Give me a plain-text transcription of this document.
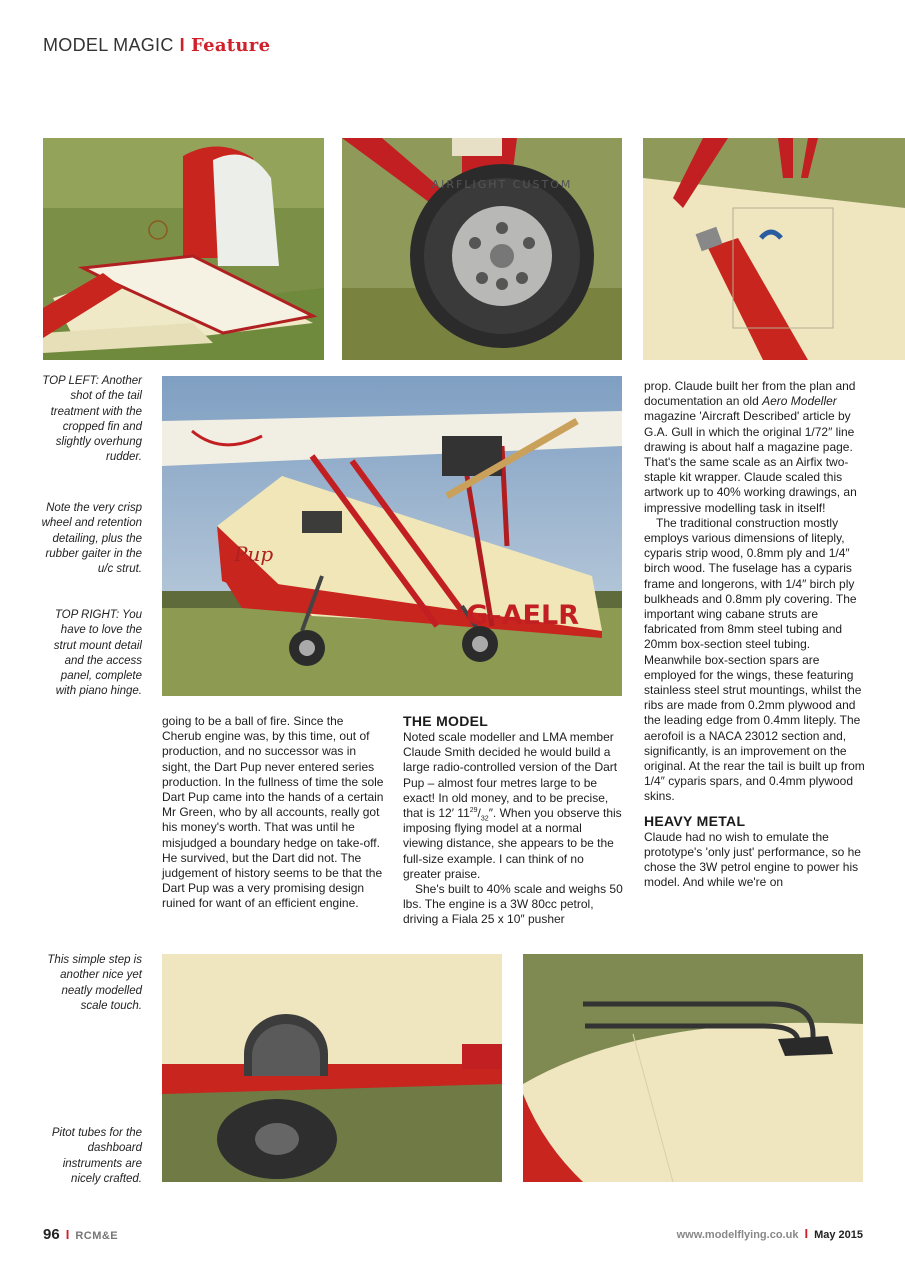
MODEL MAGIC I Feature
AIRFLIGHT CUSTOM
Pup
G–AELR
TOP LEFT: Another shot of the tail treatment with the cropped fin and slightly overhung rudder.
Note the very crisp wheel and retention detailing, plus the rubber gaiter in the u/c strut.
TOP RIGHT: You have to love the strut mount detail and the access panel, complete with piano hinge.
This simple step is another nice yet neatly modelled scale touch.
Pitot tubes for the dashboard instruments are nicely crafted.

going to be a ball of fire. Since the Cherub engine was, by this time, out of production, and no successor was in sight, the Dart Pup never entered series production. In the fullness of time the sole Dart Pup came into the hands of a certain Mr Green, who by all accounts, really got his money's worth. That was until he misjudged a boundary hedge on take-off. He survived, but the Dart did not. The judgement of history seems to be that the Dart Pup was a very promising design ruined for want of an efficient engine.

THE MODEL

Noted scale modeller and LMA member Claude Smith decided he would build a large radio-controlled version of the Dart Pup – almost four metres large to be exact! In old money, and to be precise, that is 12′ $11^{29}/_{32}''$. When you observe this imposing flying model at a normal viewing distance, she appears to be the full-size example. I can think of no greater praise.

She's built to 40% scale and weighs 50 lbs. The engine is a 3W 80cc petrol, driving a Fiala 25 x 10″ pusher

prop. Claude built her from the plan and documentation an old Aero Modeller magazine 'Aircraft Described' article by G.A. Gull in which the original 1/72″ line drawing is about half a magazine page. That's the same scale as an Airfix two-staple kit wrapper. Claude scaled this artwork up to 40% working drawings, an impressive modelling task in itself!

The traditional construction mostly employs various dimensions of liteply, cyparis strip wood, 0.8mm ply and 1/4″ birch wood. The fuselage has a cyparis frame and longerons, with 1/4″ birch ply bulkheads and 0.8mm ply covering. The important wing cabane struts are fabricated from 8mm steel tubing and 20mm box-section steel tubing. Meanwhile box-section spars are employed for the wings, these featuring stainless steel strut mountings, whilst the ribs are made from 0.2mm plywood and the leading edge from 0.4mm liteply. The aerofoil is a NACA 23012 section and, significantly, is an improvement on the original. At the rear the tail is built up from 1/4″ cyparis spars, and 0.4mm plywood skins.

HEAVY METAL

Claude had no wish to emulate the prototype's 'only just' performance, so he chose the 3W petrol engine to power his model. And while we're on

96 I RCM&E	www.modelflying.co.uk I May 2015
